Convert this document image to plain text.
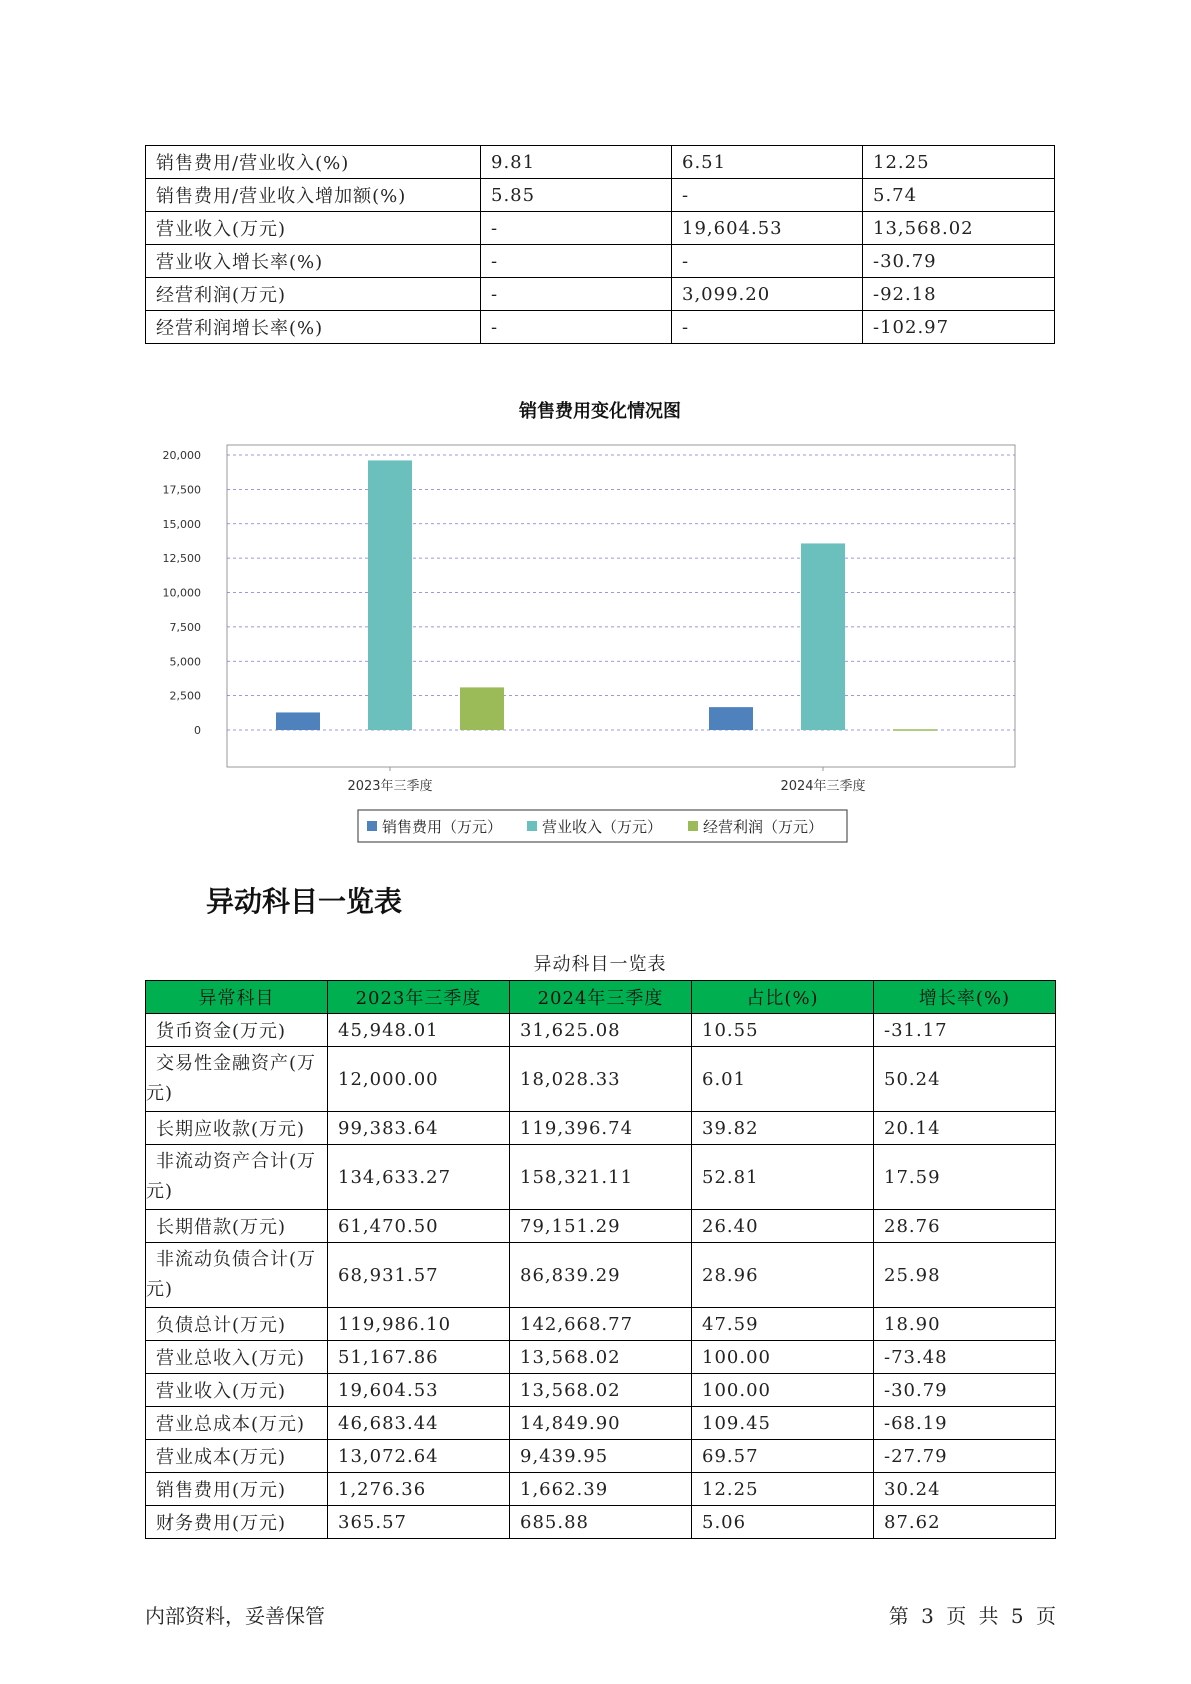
销售费用/营业收入(%)	9.81	6.51	12.25
销售费用/营业收入增加额(%)	5.85	-	5.74
营业收入(万元)	-	19,604.53	13,568.02
营业收入增长率(%)	-	-	-30.79
经营利润(万元)	-	3,099.20	-92.18
经营利润增长率(%)	-	-	-102.97
销售费用变化情况图
0
2,500
5,000
7,500
10,000
12,500
15,000
17,500
20,000
2023年三季度	2024年三季度
销售费用（万元）	营业收入（万元）	经营利润（万元）
异动科目一览表
异动科目一览表
异常科目	2023年三季度	2024年三季度	占比(%)	增长率(%)
货币资金(万元)	45,948.01	31,625.08	10.55	-31.17
交易性金融资产(万元)	12,000.00	18,028.33	6.01	50.24
长期应收款(万元)	99,383.64	119,396.74	39.82	20.14
非流动资产合计(万元)	134,633.27	158,321.11	52.81	17.59
长期借款(万元)	61,470.50	79,151.29	26.40	28.76
非流动负债合计(万元)	68,931.57	86,839.29	28.96	25.98
负债总计(万元)	119,986.10	142,668.77	47.59	18.90
营业总收入(万元)	51,167.86	13,568.02	100.00	-73.48
营业收入(万元)	19,604.53	13,568.02	100.00	-30.79
营业总成本(万元)	46,683.44	14,849.90	109.45	-68.19
营业成本(万元)	13,072.64	9,439.95	69.57	-27.79
销售费用(万元)	1,276.36	1,662.39	12.25	30.24
财务费用(万元)	365.57	685.88	5.06	87.62
内部资料，妥善保管	第 3 页 共 5 页
